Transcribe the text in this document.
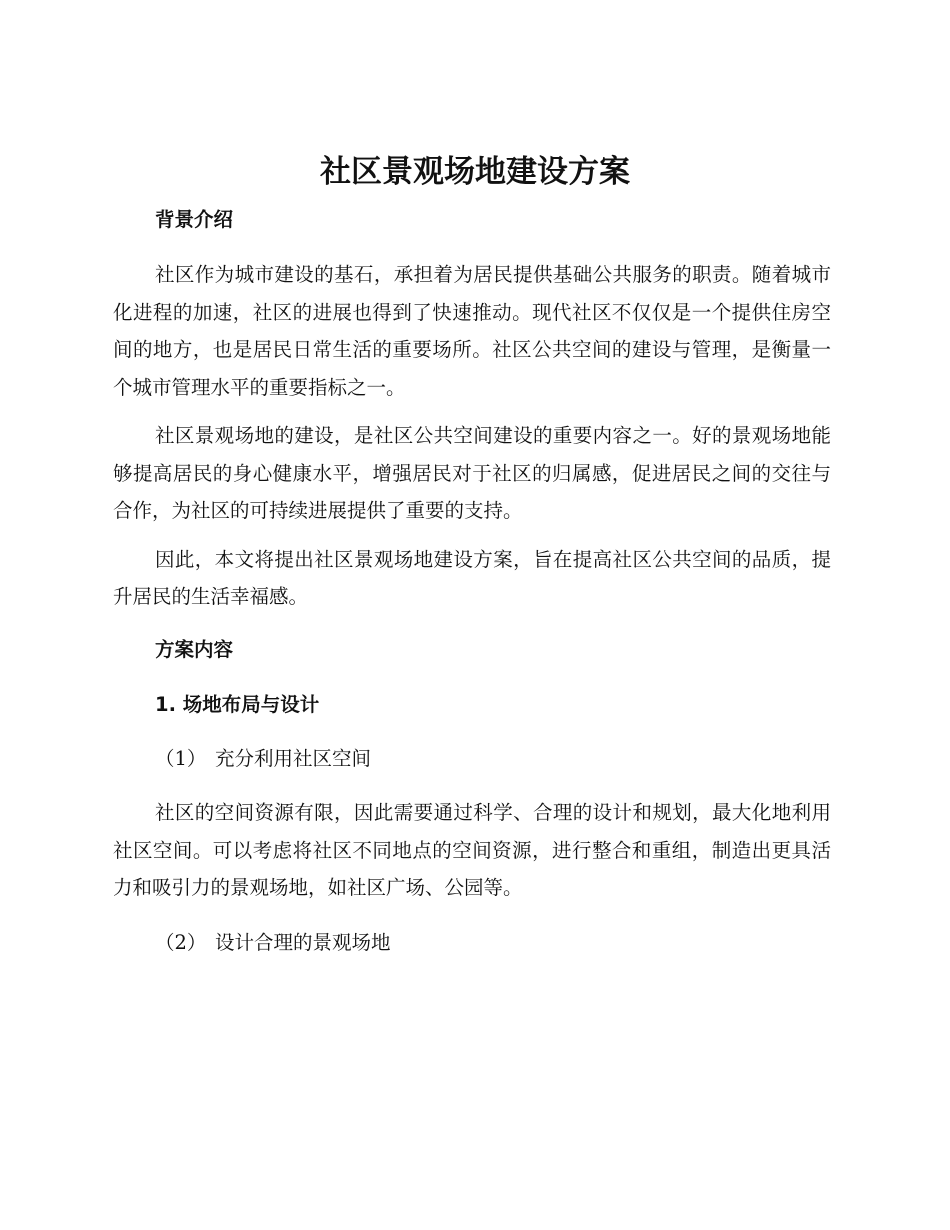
社区景观场地建设方案

背景介绍

社区作为城市建设的基石，承担着为居民提供基础公共服务的职责。随着城市化进程的加速，社区的进展也得到了快速推动。现代社区不仅仅是一个提供住房空间的地方，也是居民日常生活的重要场所。社区公共空间的建设与管理，是衡量一个城市管理水平的重要指标之一。

社区景观场地的建设，是社区公共空间建设的重要内容之一。好的景观场地能够提高居民的身心健康水平，增强居民对于社区的归属感，促进居民之间的交往与合作，为社区的可持续进展提供了重要的支持。

因此，本文将提出社区景观场地建设方案，旨在提高社区公共空间的品质，提升居民的生活幸福感。

方案内容

1. 场地布局与设计

（1） 充分利用社区空间

社区的空间资源有限，因此需要通过科学、合理的设计和规划，最大化地利用社区空间。可以考虑将社区不同地点的空间资源，进行整合和重组，制造出更具活力和吸引力的景观场地，如社区广场、公园等。

（2） 设计合理的景观场地
